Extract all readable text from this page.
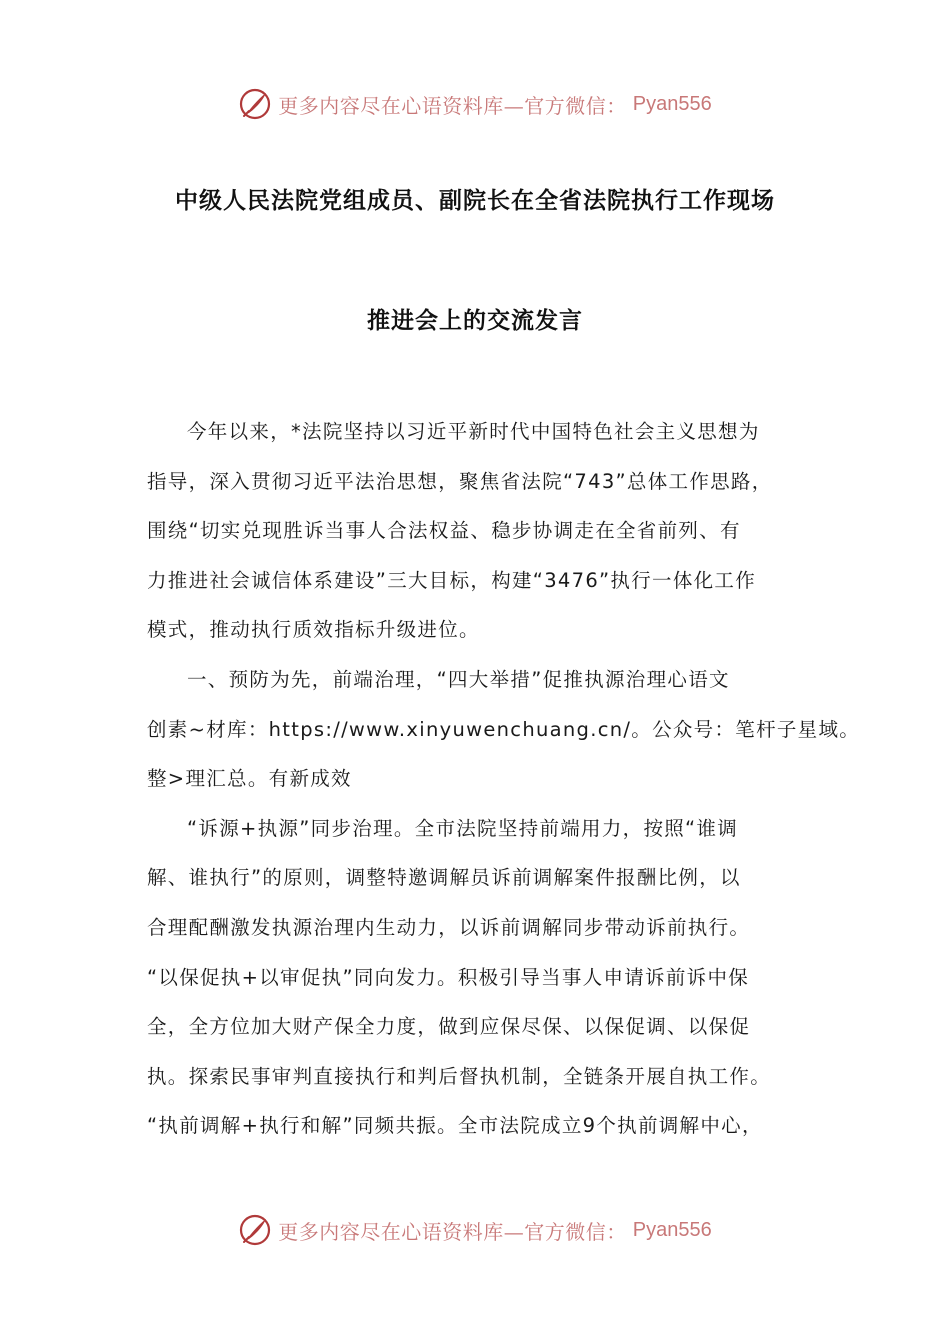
更多内容尽在心语资料库—官方微信： Pyan556
中级人民法院党组成员、副院长在全省法院执行工作现场
推进会上的交流发言
今年以来，*法院坚持以习近平新时代中国特色社会主义思想为
指导，深入贯彻习近平法治思想，聚焦省法院“743”总体工作思路，
围绕“切实兑现胜诉当事人合法权益、稳步协调走在全省前列、有
力推进社会诚信体系建设”三大目标，构建“3476”执行一体化工作
模式，推动执行质效指标升级进位。
一、预防为先，前端治理，“四大举措”促推执源治理心语文
创素~材库：https://www.xinyuwenchuang.cn/。公众号：笔杆子星域。
整>理汇总。有新成效
“诉源+执源”同步治理。全市法院坚持前端用力，按照“谁调
解、谁执行”的原则，调整特邀调解员诉前调解案件报酬比例，以
合理配酬激发执源治理内生动力，以诉前调解同步带动诉前执行。
“以保促执+以审促执”同向发力。积极引导当事人申请诉前诉中保
全，全方位加大财产保全力度，做到应保尽保、以保促调、以保促
执。探索民事审判直接执行和判后督执机制，全链条开展自执工作。
“执前调解+执行和解”同频共振。全市法院成立9个执前调解中心，
更多内容尽在心语资料库—官方微信： Pyan556
